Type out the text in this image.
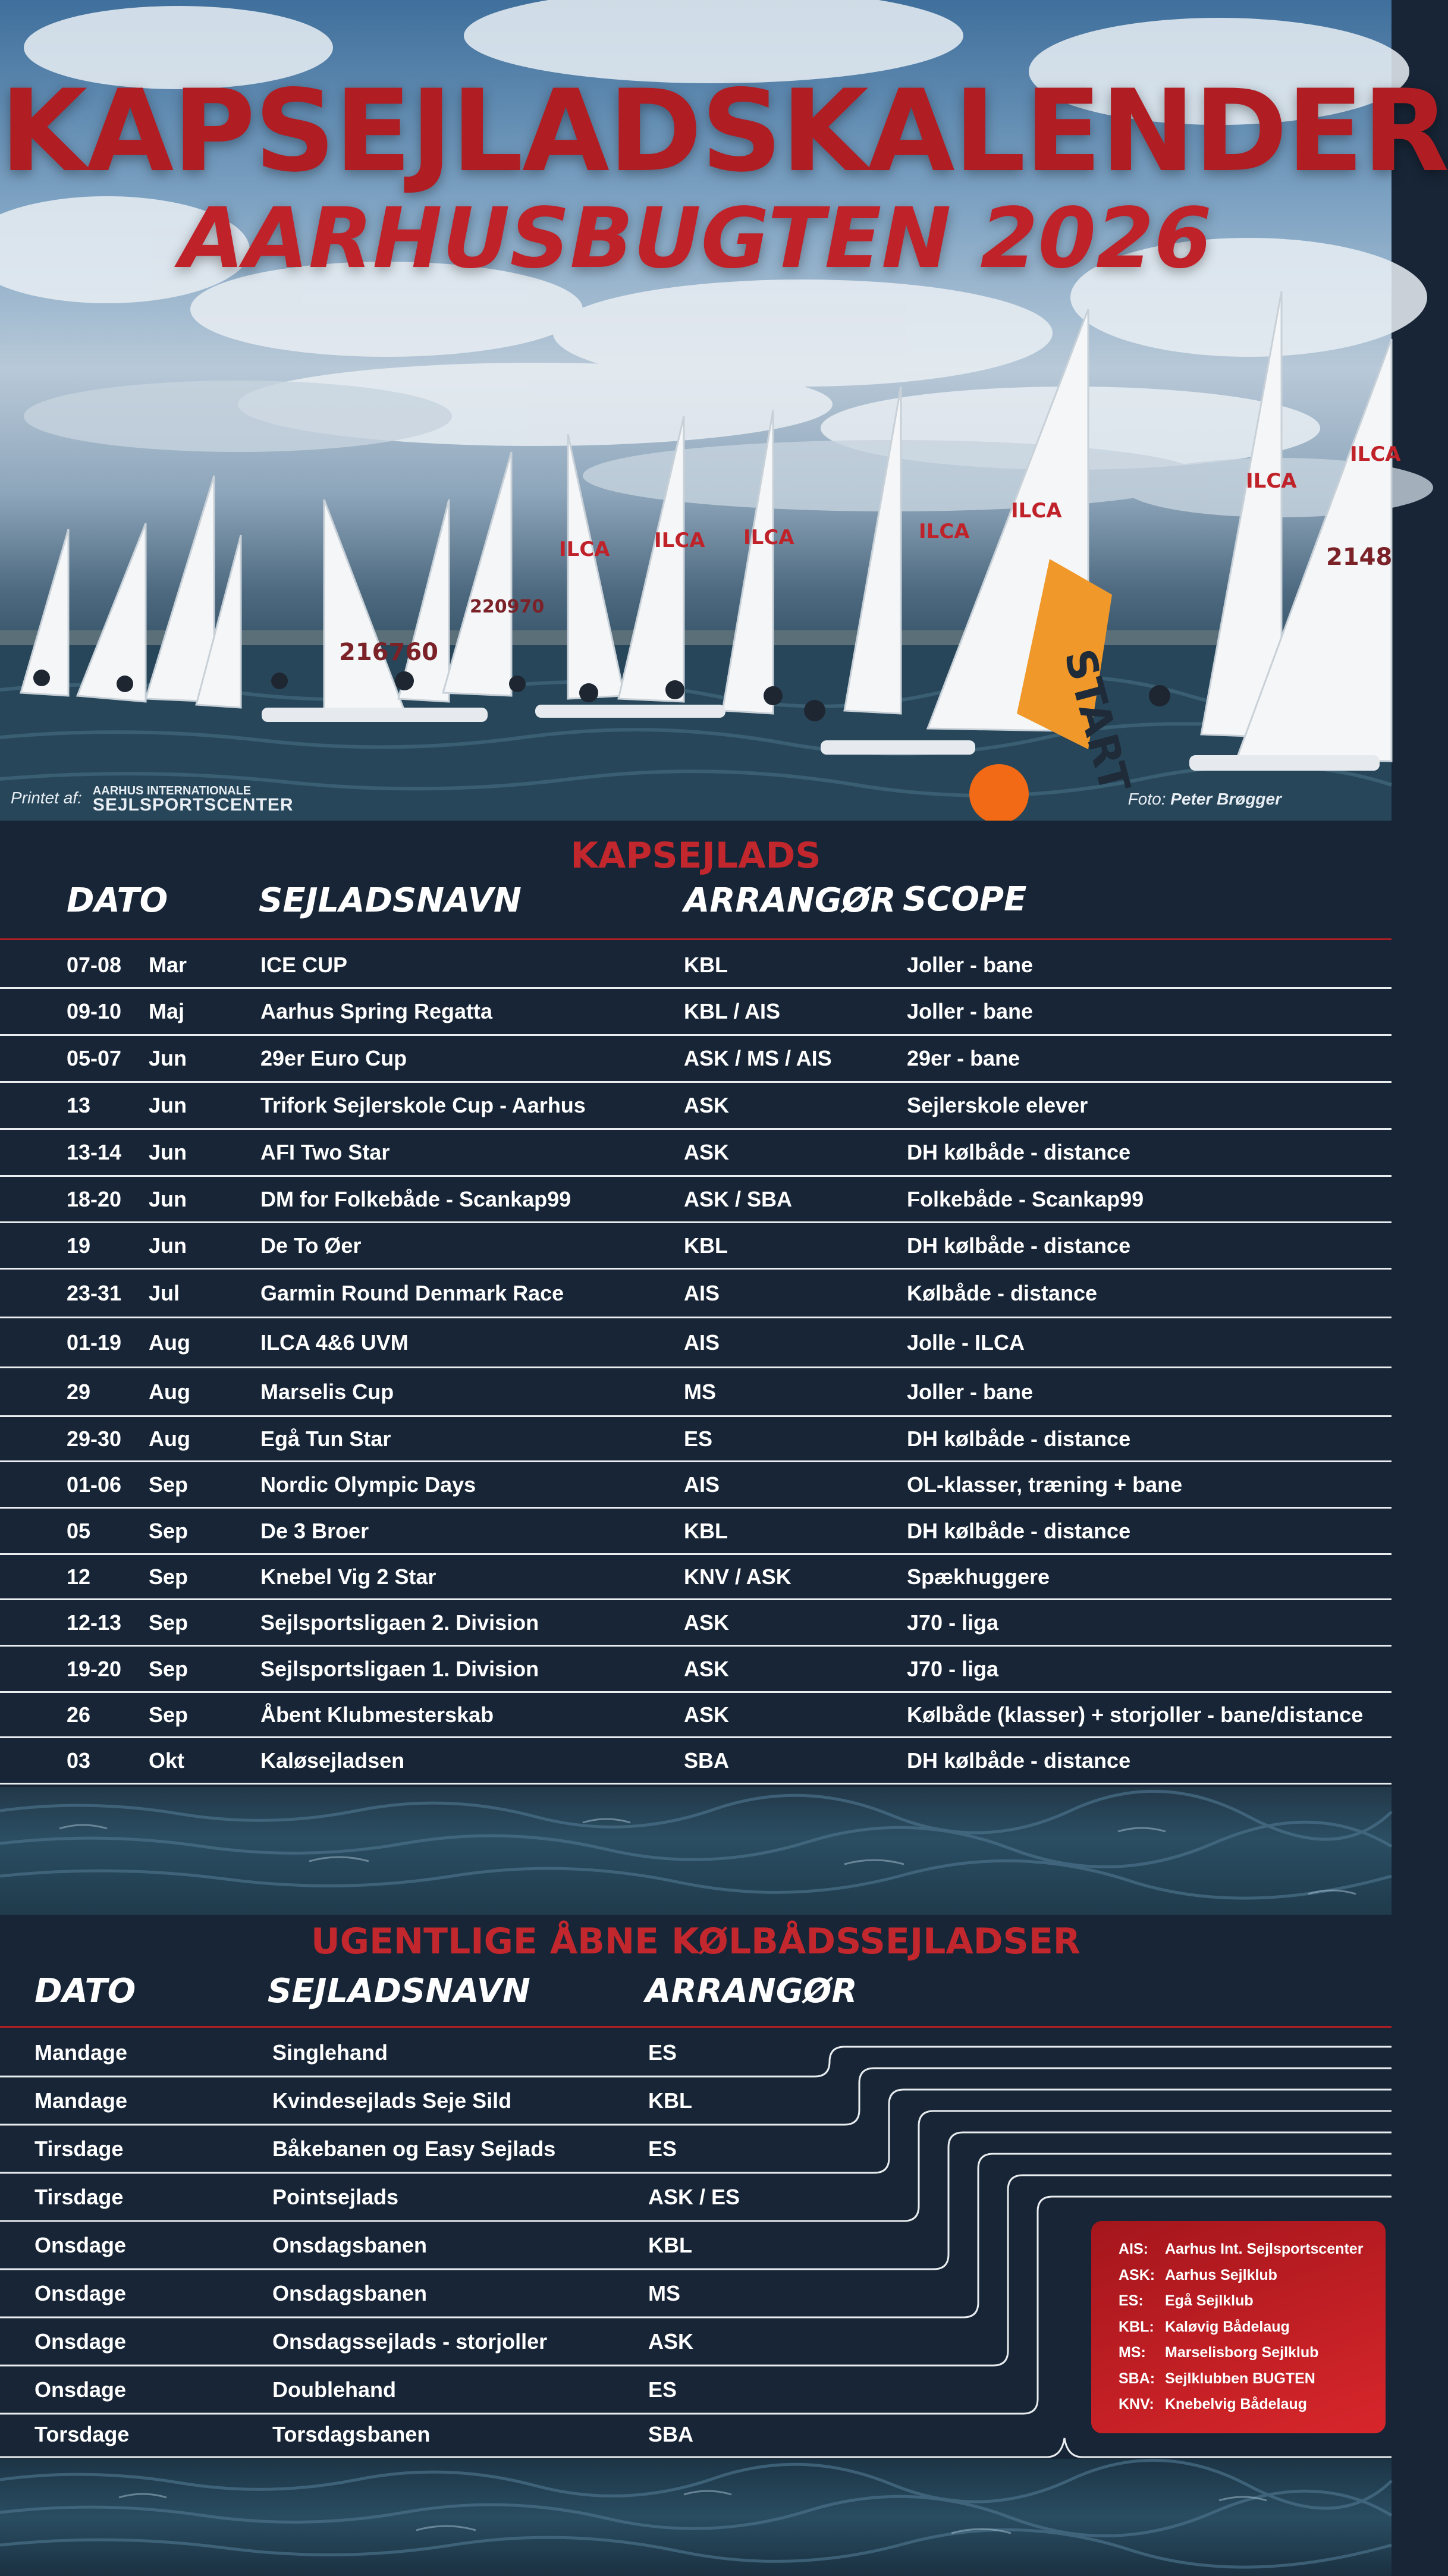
START
ILCA ILCA ILCA	ILCA
ILCA
ILCA
ILCA
216760
220970
2148
KAPSEJLADSKALENDER
AARHUSBUGTEN 2026
Printet af: AARHUS INTERNATIONALE
SEJLSPORTSCENTER	Foto: Peter Brøgger
KAPSEJLADS
DATO	SEJLADSNAVN	ARRANGØR SCOPE
07-08 Mar	ICE CUP	KBL	Joller - bane
09-10 Maj	Aarhus Spring Regatta	KBL / AIS	Joller - bane
05-07 Jun	29er Euro Cup	ASK / MS / AIS	29er - bane
13	Jun	Trifork Sejlerskole Cup - Aarhus	ASK	Sejlerskole elever
13-14 Jun	AFI Two Star	ASK	DH kølbåde - distance
18-20 Jun	DM for Folkebåde - Scankap99	ASK / SBA	Folkebåde - Scankap99
19	Jun	De To Øer	KBL	DH kølbåde - distance
23-31 Jul	Garmin Round Denmark Race	AIS	Kølbåde - distance
01-19 Aug	ILCA 4&6 UVM	AIS	Jolle - ILCA
29	Aug	Marselis Cup	MS	Joller - bane
29-30 Aug	Egå Tun Star	ES	DH kølbåde - distance
01-06 Sep	Nordic Olympic Days	AIS	OL-klasser, træning + bane
05	Sep	De 3 Broer	KBL	DH kølbåde - distance
12	Sep	Knebel Vig 2 Star	KNV / ASK	Spækhuggere
12-13 Sep	Sejlsportsligaen 2. Division	ASK	J70 - liga
19-20 Sep	Sejlsportsligaen 1. Division	ASK	J70 - liga
26	Sep	Åbent Klubmesterskab	ASK	Kølbåde (klasser) + storjoller - bane/distance
03	Okt	Kaløsejladsen	SBA	DH kølbåde - distance
UGENTLIGE ÅBNE KØLBÅDSSEJLADSER
DATO	SEJLADSNAVN	ARRANGØR
Mandage	Singlehand	ES
Mandage	Kvindesejlads Seje Sild	KBL
Tirsdage	Båkebanen og Easy Sejlads	ES
Tirsdage	Pointsejlads	ASK / ES
Onsdage	Onsdagsbanen	KBL
Onsdage	Onsdagsbanen	MS
Onsdage	Onsdagssejlads - storjoller	ASK
Onsdage	Doublehand	ES
Torsdage	Torsdagsbanen	SBA
AIS:	Aarhus Int. Sejlsportscenter
ASK: Aarhus Sejlklub
ES:	Egå Sejlklub
KBL: Kaløvig Bådelaug
MS:	Marselisborg Sejlklub
SBA: Sejlklubben BUGTEN
KNV: Knebelvig Bådelaug
